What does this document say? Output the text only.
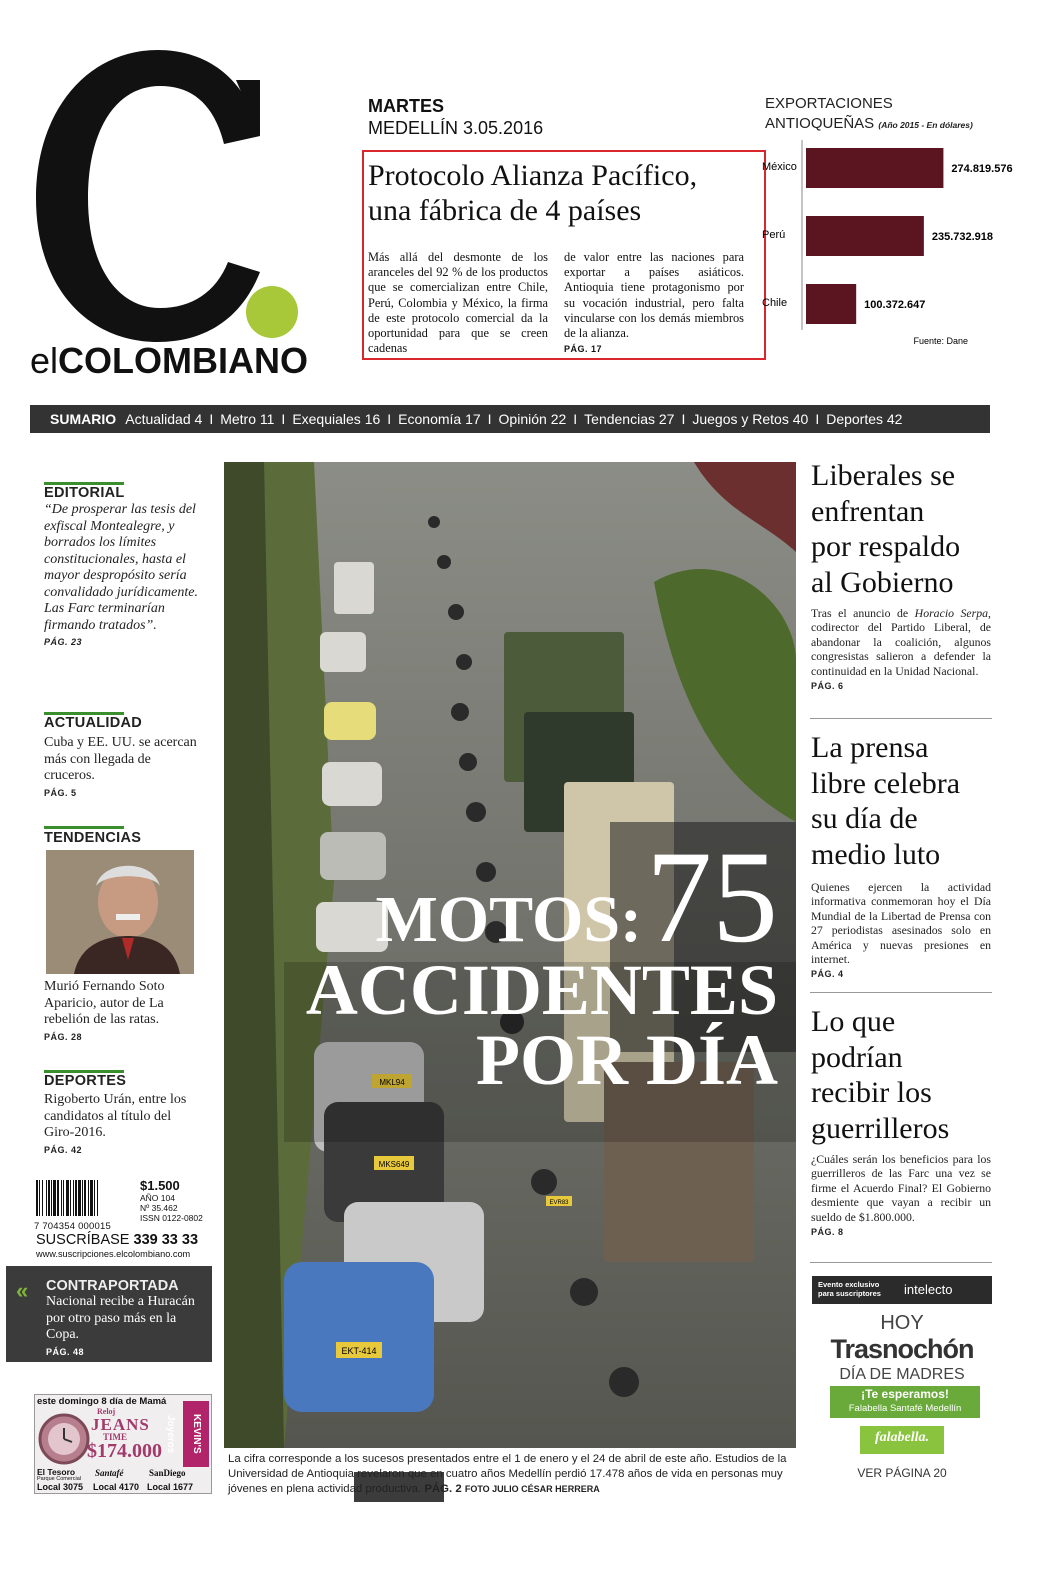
elCOLOMBIANO
MARTES
MEDELLÍN 3.05.2016
Protocolo Alianza Pacífico,
una fábrica de 4 países
Más allá del desmonte de los aranceles del 92 % de los productos que se comercializan entre Chile, Perú, Colombia y México, la firma de este protocolo comercial da la oportunidad para que se creen cadenas
de valor entre las naciones para exportar a países asiáticos. Antioquia tiene protagonismo por su vocación industrial, pero falta vincularse con los demás miembros de la alianza.
PÁG. 17
EXPORTACIONES
ANTIOQUEÑAS (Año 2015 - En dólares)
México	274.819.576
Perú	235.732.918
Chile	100.372.647
Fuente: Dane
SUMARIO Actualidad 4 I Metro 11 I Exequiales 16 I Economía 17 I Opinión 22 I Tendencias 27 I Juegos y Retos 40 I Deportes 42
EDITORIAL
“De prosperar las tesis del exfiscal Montealegre, y borrados los límites constitucionales, hasta el mayor despropósito sería convalidado jurídicamente. Las Farc terminarían firmando tratados”.
PÁG. 23
ACTUALIDAD
Cuba y EE. UU. se acercan más con llegada de cruceros.
PÁG. 5
TENDENCIAS
Murió Fernando Soto Aparicio, autor de La rebelión de las ratas.
PÁG. 28
DEPORTES
Rigoberto Urán, entre los candidatos al título del Giro-2016.
PÁG. 42
7 704354 000015
$1.500
AÑO 104
Nº 35.462
ISSN 0122-0802
SUSCRÍBASE 339 33 33
www.suscripciones.elcolombiano.com
« CONTRAPORTADA
Nacional recibe a Huracán por otro paso más en la Copa.
PÁG. 48
este domingo 8 día de Mamá
Reloj
JEANS
TIME
$174.000	KEVIN'S Joyeros
El Tesoro
Parque Comercial
Local 3075
Santafé
Local 4170
SanDiego
Local 1677
MKL94
MKS649
EVR83
EKT-414
MOTOS: 75
ACCIDENTES
POR DÍA
La cifra corresponde a los sucesos presentados entre el 1 de enero y el 24 de abril de este año. Estudios de la Universidad de Antioquia revelaron que en cuatro años Medellín perdió 17.478 años de vida en personas muy jóvenes en plena actividad productiva. PÁG. 2 FOTO JULIO CÉSAR HERRERA
Liberales se
enfrentan
por respaldo
al Gobierno
Tras el anuncio de Horacio Serpa, codirector del Partido Liberal, de abandonar la coalición, algunos congresistas salieron a defender la continuidad en la Unidad Nacional.
PÁG. 6
La prensa
libre celebra
su día de
medio luto
Quienes ejercen la actividad informativa conmemoran hoy el Día Mundial de la Libertad de Prensa con 27 periodistas asesinados solo en América y nuevas presiones en internet.
PÁG. 4
Lo que
podrían
recibir los
guerrilleros
¿Cuáles serán los beneficios para los guerrilleros de las Farc una vez se firme el Acuerdo Final? El Gobierno desmiente que vayan a recibir un sueldo de $1.800.000.
PÁG. 8
Evento exclusivo para suscriptores	intelecto
HOY
Trasnochón
DÍA DE MADRES
¡Te esperamos!
Falabella Santafé Medellín
falabella.
VER PÁGINA 20
